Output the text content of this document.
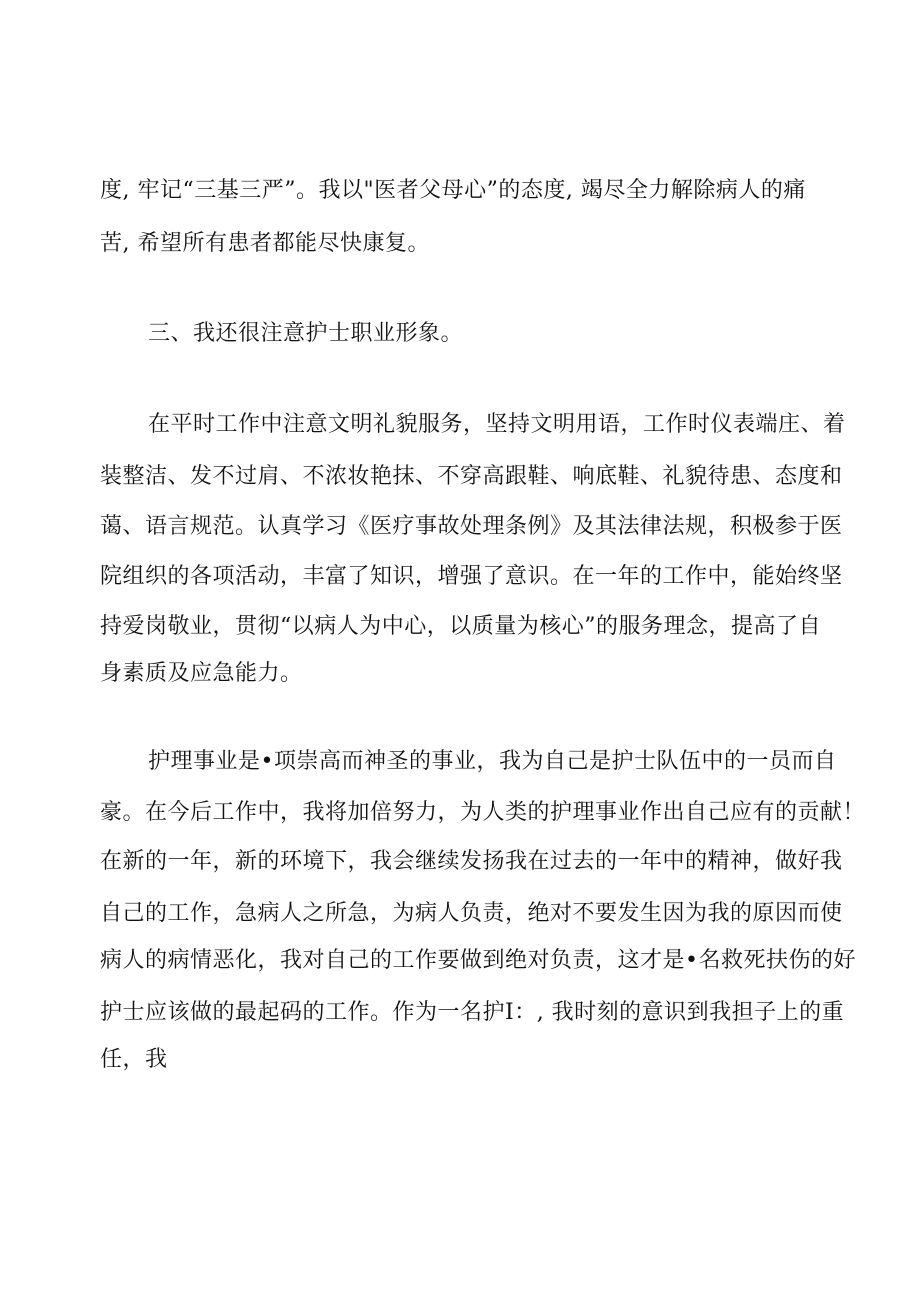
度, 牢记“三基三严”。我以"医者父母心”的态度, 竭尽全力解除病人的痛
苦, 希望所有患者都能尽快康复。
三、我还很注意护士职业形象。
在平时工作中注意文明礼貌服务，坚持文明用语，工作时仪表端庄、着
装整洁、发不过肩、不浓妆艳抹、不穿高跟鞋、响底鞋、礼貌待患、态度和
蔼、语言规范。认真学习《医疗事故处理条例》及其法律法规，积极参于医
院组织的各项活动，丰富了知识，增强了意识。在一年的工作中，能始终坚
持爱岗敬业，贯彻“以病人为中心，以质量为核心”的服务理念，提高了自
身素质及应急能力。
护理事业是•项崇高而神圣的事业，我为自己是护士队伍中的一员而自
豪。在今后工作中，我将加倍努力，为人类的护理事业作出自己应有的贡献！
在新的一年，新的环境下，我会继续发扬我在过去的一年中的精神，做好我
自己的工作，急病人之所急，为病人负责，绝对不要发生因为我的原因而使
病人的病情恶化，我对自己的工作要做到绝对负责，这才是•名救死扶伤的好
护士应该做的最起码的工作。作为一名护I：, 我时刻的意识到我担子上的重
任，我
